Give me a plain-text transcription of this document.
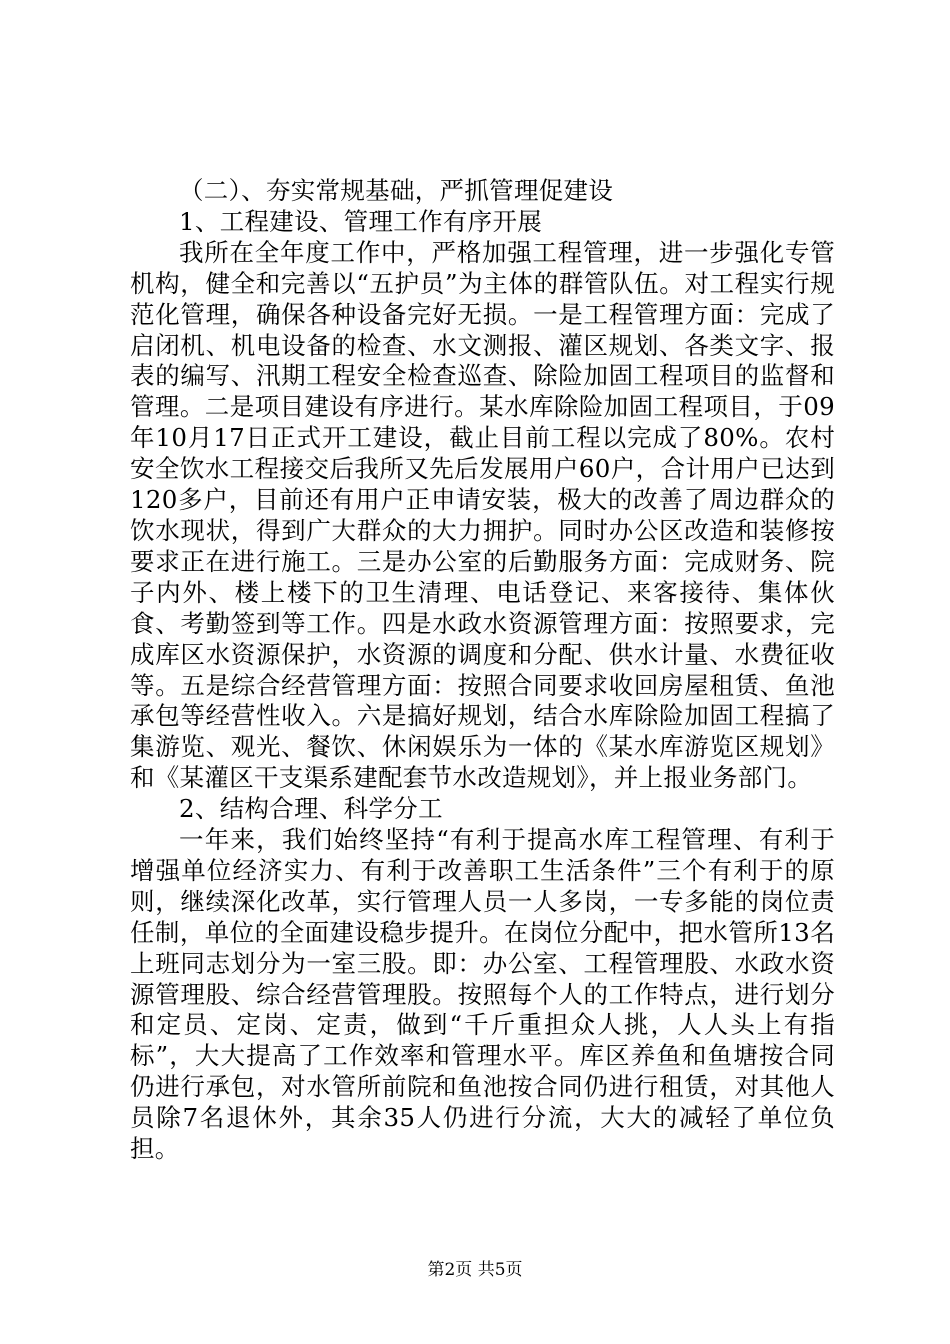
（二）、夯实常规基础，严抓管理促建设

1、工程建设、管理工作有序开展

我所在全年度工作中，严格加强工程管理，进一步强化专管机构，健全和完善以“五护员”为主体的群管队伍。对工程实行规范化管理，确保各种设备完好无损。一是工程管理方面：完成了启闭机、机电设备的检查、水文测报、灌区规划、各类文字、报表的编写、汛期工程安全检查巡查、除险加固工程项目的监督和管理。二是项目建设有序进行。某水库除险加固工程项目，于09年10月17日正式开工建设，截止目前工程以完成了80%。农村安全饮水工程接交后我所又先后发展用户60户，合计用户已达到120多户，目前还有用户正申请安装，极大的改善了周边群众的饮水现状，得到广大群众的大力拥护。同时办公区改造和装修按要求正在进行施工。三是办公室的后勤服务方面：完成财务、院子内外、楼上楼下的卫生清理、电话登记、来客接待、集体伙食、考勤签到等工作。四是水政水资源管理方面：按照要求，完成库区水资源保护，水资源的调度和分配、供水计量、水费征收等。五是综合经营管理方面：按照合同要求收回房屋租赁、鱼池承包等经营性收入。六是搞好规划，结合水库除险加固工程搞了集游览、观光、餐饮、休闲娱乐为一体的《某水库游览区规划》和《某灌区干支渠系建配套节水改造规划》，并上报业务部门。

2、结构合理、科学分工

一年来，我们始终坚持“有利于提高水库工程管理、有利于增强单位经济实力、有利于改善职工生活条件”三个有利于的原则，继续深化改革，实行管理人员一人多岗，一专多能的岗位责任制，单位的全面建设稳步提升。在岗位分配中，把水管所13名上班同志划分为一室三股。即：办公室、工程管理股、水政水资源管理股、综合经营管理股。按照每个人的工作特点，进行划分和定员、定岗、定责，做到“千斤重担众人挑，人人头上有指标”，大大提高了工作效率和管理水平。库区养鱼和鱼塘按合同仍进行承包，对水管所前院和鱼池按合同仍进行租赁，对其他人员除7名退休外，其余35人仍进行分流，大大的减轻了单位负担。

第2页 共5页
